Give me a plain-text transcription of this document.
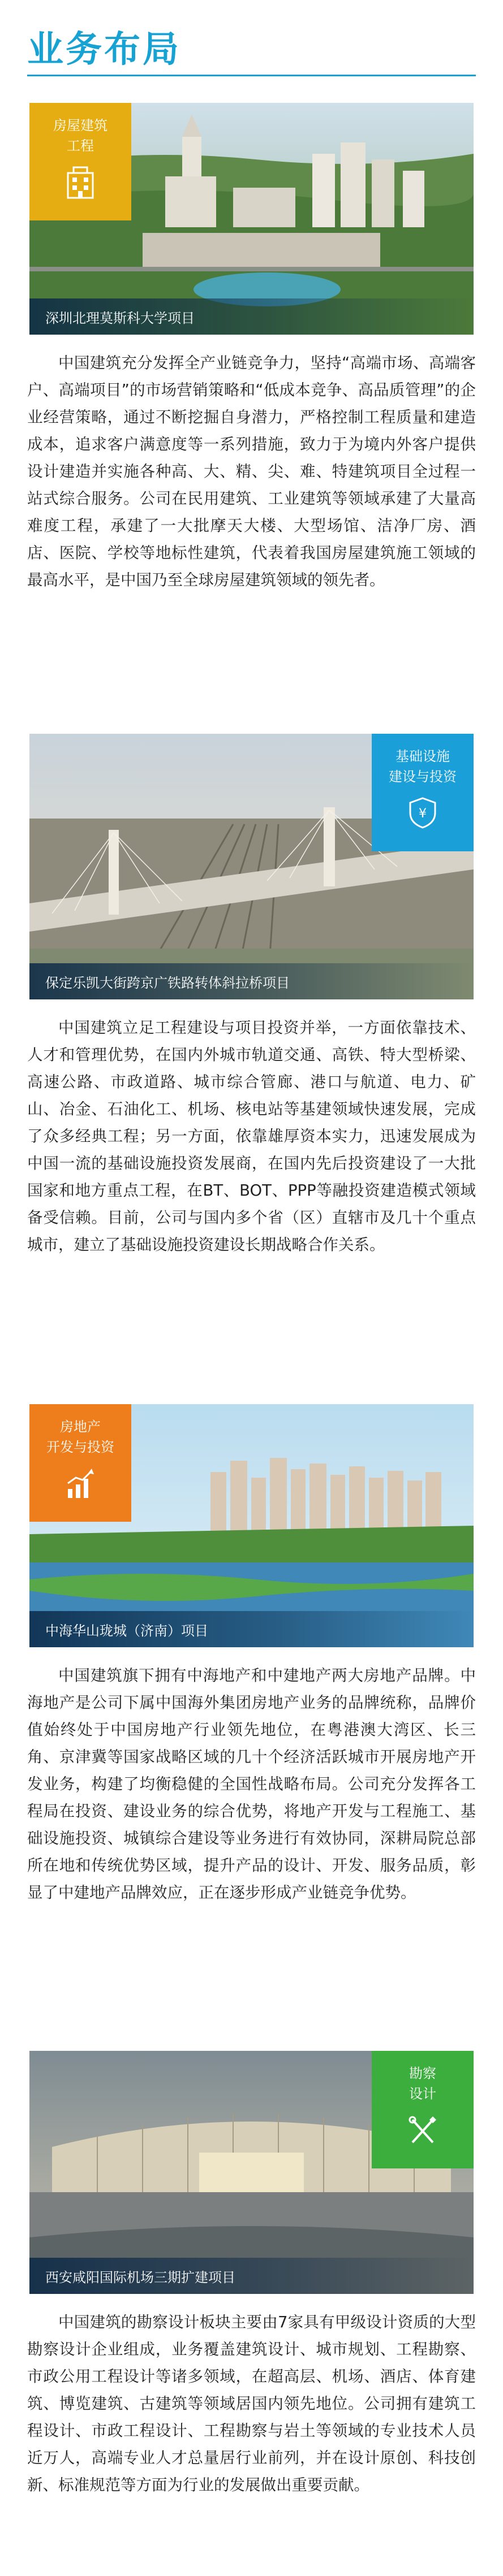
业务布局
房屋建筑
工程
深圳北理莫斯科大学项目

中国建筑充分发挥全产业链竞争力，坚持“高端市场、高端客户、高端项目”的市场营销策略和“低成本竞争、高品质管理”的企业经营策略，通过不断挖掘自身潜力，严格控制工程质量和建造成本，追求客户满意度等一系列措施，致力于为境内外客户提供设计建造并实施各种高、大、精、尖、难、特建筑项目全过程一站式综合服务。公司在民用建筑、工业建筑等领域承建了大量高难度工程，承建了一大批摩天大楼、大型场馆、洁净厂房、酒店、医院、学校等地标性建筑，代表着我国房屋建筑施工领域的最高水平，是中国乃至全球房屋建筑领域的领先者。

基础设施
建设与投资
¥
保定乐凯大街跨京广铁路转体斜拉桥项目

中国建筑立足工程建设与项目投资并举，一方面依靠技术、人才和管理优势，在国内外城市轨道交通、高铁、特大型桥梁、高速公路、市政道路、城市综合管廊、港口与航道、电力、矿山、冶金、石油化工、机场、核电站等基建领域快速发展，完成了众多经典工程；另一方面，依靠雄厚资本实力，迅速发展成为中国一流的基础设施投资发展商，在国内先后投资建设了一大批国家和地方重点工程，在BT、BOT、PPP等融投资建造模式领域备受信赖。目前，公司与国内多个省（区）直辖市及几十个重点城市，建立了基础设施投资建设长期战略合作关系。

房地产
开发与投资
中海华山珑城（济南）项目

中国建筑旗下拥有中海地产和中建地产两大房地产品牌。中海地产是公司下属中国海外集团房地产业务的品牌统称，品牌价值始终处于中国房地产行业领先地位，在粤港澳大湾区、长三角、京津冀等国家战略区域的几十个经济活跃城市开展房地产开发业务，构建了均衡稳健的全国性战略布局。公司充分发挥各工程局在投资、建设业务的综合优势，将地产开发与工程施工、基础设施投资、城镇综合建设等业务进行有效协同，深耕局院总部所在地和传统优势区域，提升产品的设计、开发、服务品质，彰显了中建地产品牌效应，正在逐步形成产业链竞争优势。

勘察
设计
西安咸阳国际机场三期扩建项目

中国建筑的勘察设计板块主要由7家具有甲级设计资质的大型勘察设计企业组成，业务覆盖建筑设计、城市规划、工程勘察、市政公用工程设计等诸多领域，在超高层、机场、酒店、体育建筑、博览建筑、古建筑等领域居国内领先地位。公司拥有建筑工程设计、市政工程设计、工程勘察与岩土等领域的专业技术人员近万人，高端专业人才总量居行业前列，并在设计原创、科技创新、标准规范等方面为行业的发展做出重要贡献。
